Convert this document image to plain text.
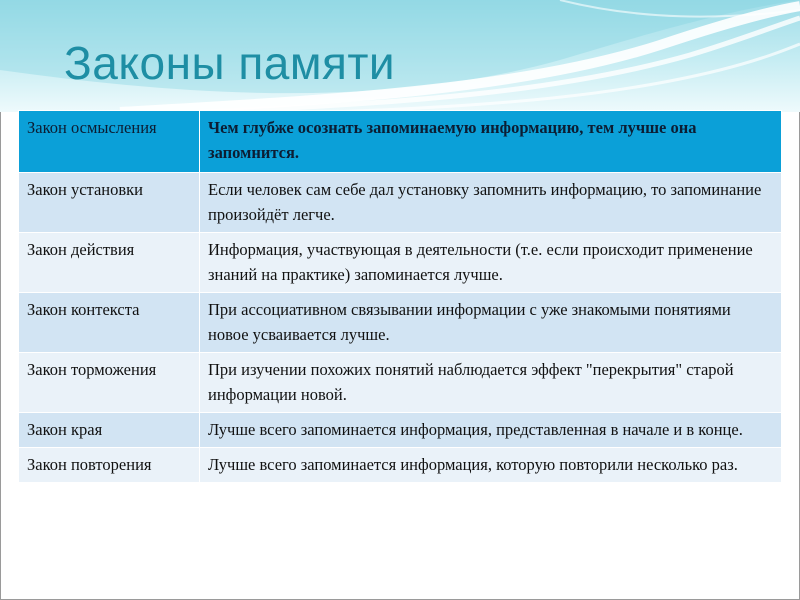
Законы памяти
Закон осмысления	Чем глубже осознать запоминаемую информацию, тем лучше она запомнится.
Закон установки	Если человек сам себе дал установку запомнить информацию, то запоминание произойдёт легче.
Закон действия	Информация, участвующая в деятельности (т.е. если происходит применение знаний на практике) запоминается лучше.
Закон контекста	При ассоциативном связывании информации с уже знакомыми понятиями новое усваивается лучше.
Закон торможения	При изучении похожих понятий наблюдается эффект "перекрытия" старой информации новой.
Закон края	Лучше всего запоминается информация, представленная в начале и в конце.
Закон повторения	Лучше всего запоминается информация, которую повторили несколько раз.
